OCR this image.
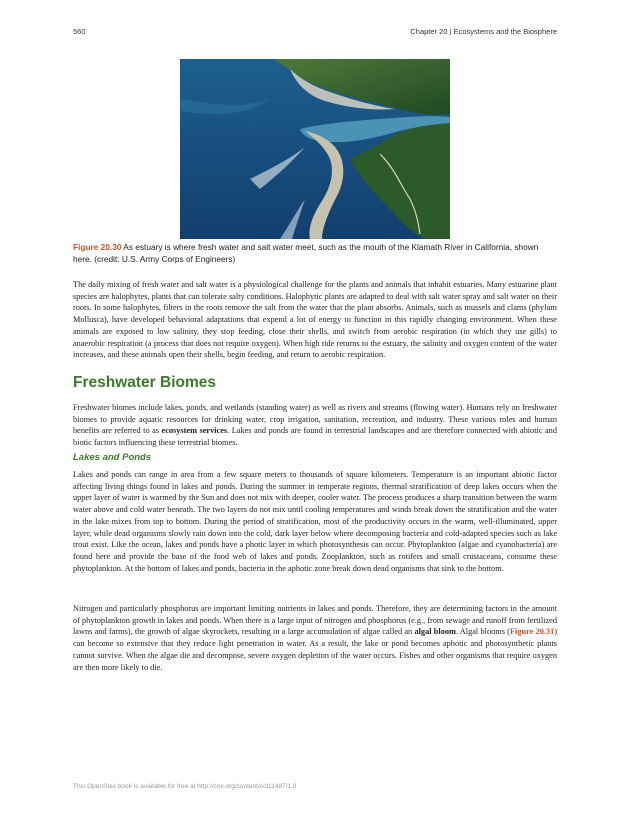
560	Chapter 20 | Ecosystems and the Biosphere
Figure 20.30 As estuary is where fresh water and salt water meet, such as the mouth of the Klamath River in California, shown here. (credit: U.S. Army Corps of Engineers)

The daily mixing of fresh water and salt water is a physiological challenge for the plants and animals that inhabit estuaries. Many estuarine plant species are halophytes, plants that can tolerate salty conditions. Halophytic plants are adapted to deal with salt water spray and salt water on their roots. In some halophytes, filters in the roots remove the salt from the water that the plant absorbs. Animals, such as mussels and clams (phylum Mollusca), have developed behavioral adaptations that expend a lot of energy to function in this rapidly changing environment. When these animals are exposed to low salinity, they stop feeding, close their shells, and switch from aerobic respiration (in which they use gills) to anaerobic respiration (a process that does not require oxygen). When high tide returns to the estuary, the salinity and oxygen content of the water increases, and these animals open their shells, begin feeding, and return to aerobic respiration.

Freshwater Biomes

Freshwater biomes include lakes, ponds, and wetlands (standing water) as well as rivers and streams (flowing water). Humans rely on freshwater biomes to provide aquatic resources for drinking water, crop irrigation, sanitation, recreation, and industry. These various roles and human benefits are referred to as ecosystem services. Lakes and ponds are found in terrestrial landscapes and are therefore connected with abiotic and biotic factors influencing these terrestrial biomes.

Lakes and Ponds

Lakes and ponds can range in area from a few square meters to thousands of square kilometers. Temperature is an important abiotic factor affecting living things found in lakes and ponds. During the summer in temperate regions, thermal stratification of deep lakes occurs when the upper layer of water is warmed by the Sun and does not mix with deeper, cooler water. The process produces a sharp transition between the warm water above and cold water beneath. The two layers do not mix until cooling temperatures and winds break down the stratification and the water in the lake mixes from top to bottom. During the period of stratification, most of the productivity occurs in the warm, well-illuminated, upper layer, while dead organisms slowly rain down into the cold, dark layer below where decomposing bacteria and cold-adapted species such as lake trout exist. Like the ocean, lakes and ponds have a photic layer in which photosynthesis can occur. Phytoplankton (algae and cyanobacteria) are found here and provide the base of the food web of lakes and ponds. Zooplankton, such as rotifers and small crustaceans, consume these phytoplankton. At the bottom of lakes and ponds, bacteria in the aphotic zone break down dead organisms that sink to the bottom.

Nitrogen and particularly phosphorus are important limiting nutrients in lakes and ponds. Therefore, they are determining factors in the amount of phytoplankton growth in lakes and ponds. When there is a large input of nitrogen and phosphorus (e.g., from sewage and runoff from fertilized lawns and farms), the growth of algae skyrockets, resulting in a large accumulation of algae called an algal bloom. Algal blooms (Figure 20.31) can become so extensive that they reduce light penetration in water. As a result, the lake or pond becomes aphotic and photosynthetic plants cannot survive. When the algae die and decompose, severe oxygen depletion of the water occurs. Fishes and other organisms that require oxygen are then more likely to die.

This OpenStax book is available for free at http://cnx.org/content/col11487/1.9
